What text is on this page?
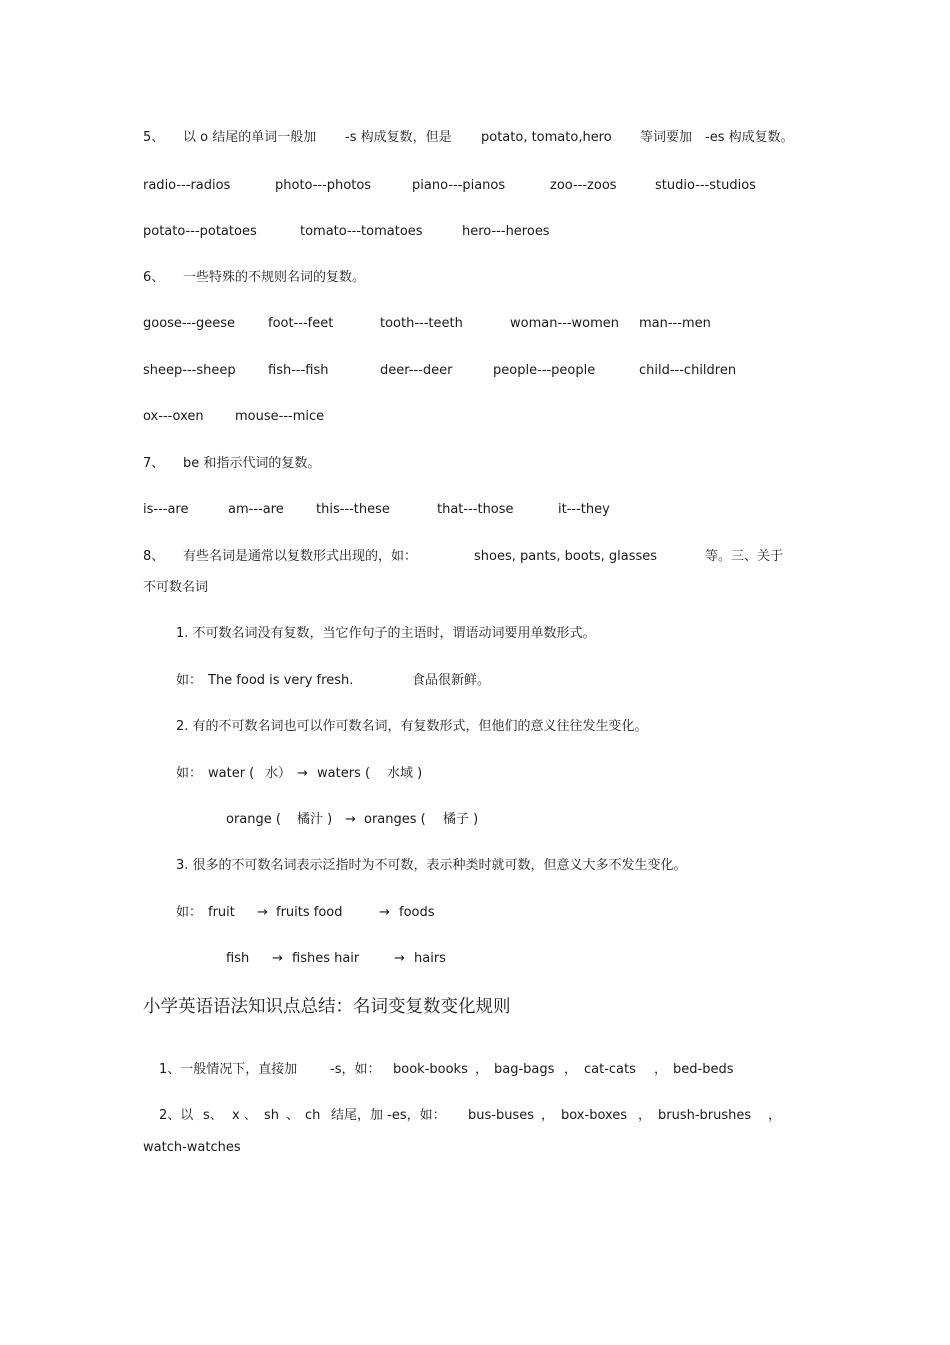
5、 以 o 结尾的单词一般加 -s 构成复数，但是 potato, tomato,hero 等词要加 -es 构成复数。
radio---radios	photo---photos	piano---pianos	zoo---zoos	studio---studios
potato---potatoes	tomato---tomatoes	hero---heroes
6、 一些特殊的不规则名词的复数。
goose---geese	foot---feet	tooth---teeth	woman---women man---men
sheep---sheep fish---fish	deer---deer	people---people	child---children
ox---oxen mouse---mice
7、 be 和指示代词的复数。
is---are	am---are this---these	that---those	it---they
8、 有些名词是通常以复数形式出现的，如：	shoes, pants, boots, glasses	等。三、关于
不可数名词
1. 不可数名词没有复数，当它作句子的主语时，谓语动词要用单数形式。
如： The food is very fresh.	食品很新鲜。
2. 有的不可数名词也可以作可数名词，有复数形式，但他们的意义往往发生变化。
如： water ( 水） → waters ( 水域 )
orange ( 橘汁 ) → oranges ( 橘子 )
3. 很多的不可数名词表示泛指时为不可数，表示种类时就可数，但意义大多不发生变化。
如： fruit → fruits food	→ foods
fish → fishes hair	→ hairs
小学英语语法知识点总结：名词变复数变化规则
1、一般情况下，直接加	-s，如： book-books ， bag-bags ， cat-cats ， bed-beds
2、以 s、 x 、 sh 、 ch 结尾，加 -es，如： bus-buses ， box-boxes ， brush-brushes ，
watch-watches
